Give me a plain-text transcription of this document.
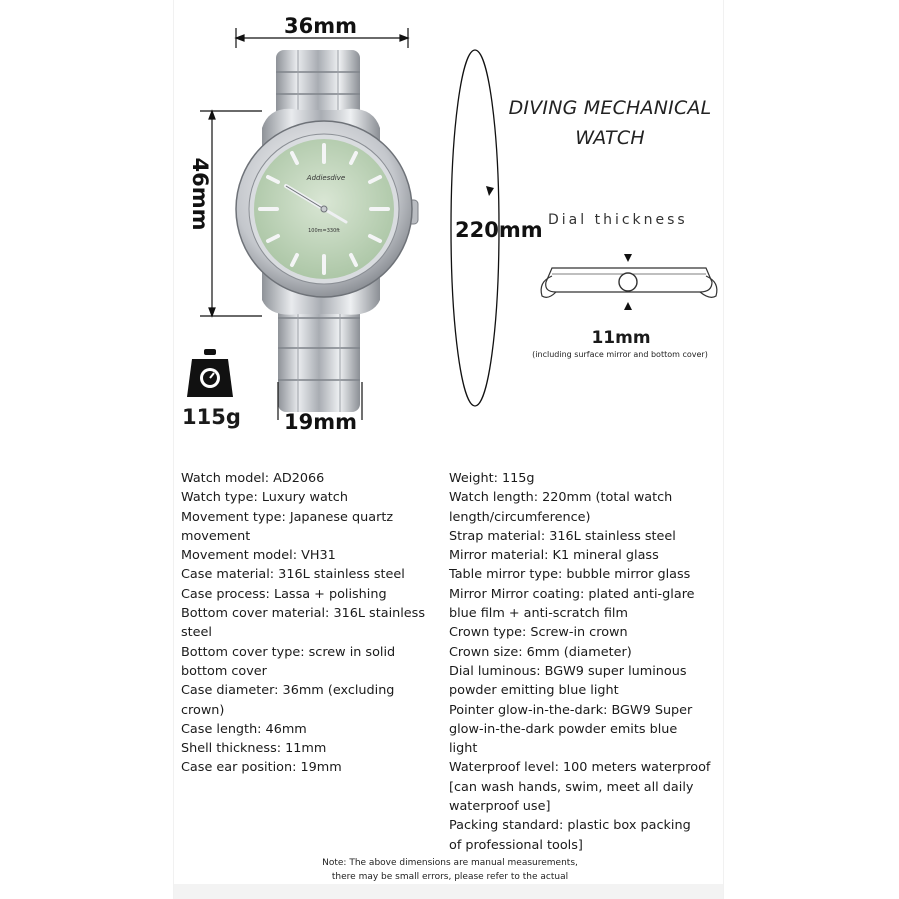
Addiesdive
100m=330ft
36mm
46mm	220mm
19mm
115g
DIVING MECHANICAL
WATCH
Dial thickness
11mm
(including surface mirror and bottom cover)
Watch model: AD2066
Watch type: Luxury watch
Movement type: Japanese quartz
movement
Movement model: VH31
Case material: 316L stainless steel
Case process: Lassa + polishing
Bottom cover material: 316L stainless
steel
Bottom cover type: screw in solid
bottom cover
Case diameter: 36mm (excluding
crown)
Case length: 46mm
Shell thickness: 11mm
Case ear position: 19mm
Weight: 115g
Watch length: 220mm (total watch
length/circumference)
Strap material: 316L stainless steel
Mirror material: K1 mineral glass
Table mirror type: bubble mirror glass
Mirror Mirror coating: plated anti-glare
blue film + anti-scratch film
Crown type: Screw-in crown
Crown size: 6mm (diameter)
Dial luminous: BGW9 super luminous
powder emitting blue light
Pointer glow-in-the-dark: BGW9 Super
glow-in-the-dark powder emits blue
light
Waterproof level: 100 meters waterproof
[can wash hands, swim, meet all daily
waterproof use]
Packing standard: plastic box packing
of professional tools]
Note: The above dimensions are manual measurements,
there may be small errors, please refer to the actual
